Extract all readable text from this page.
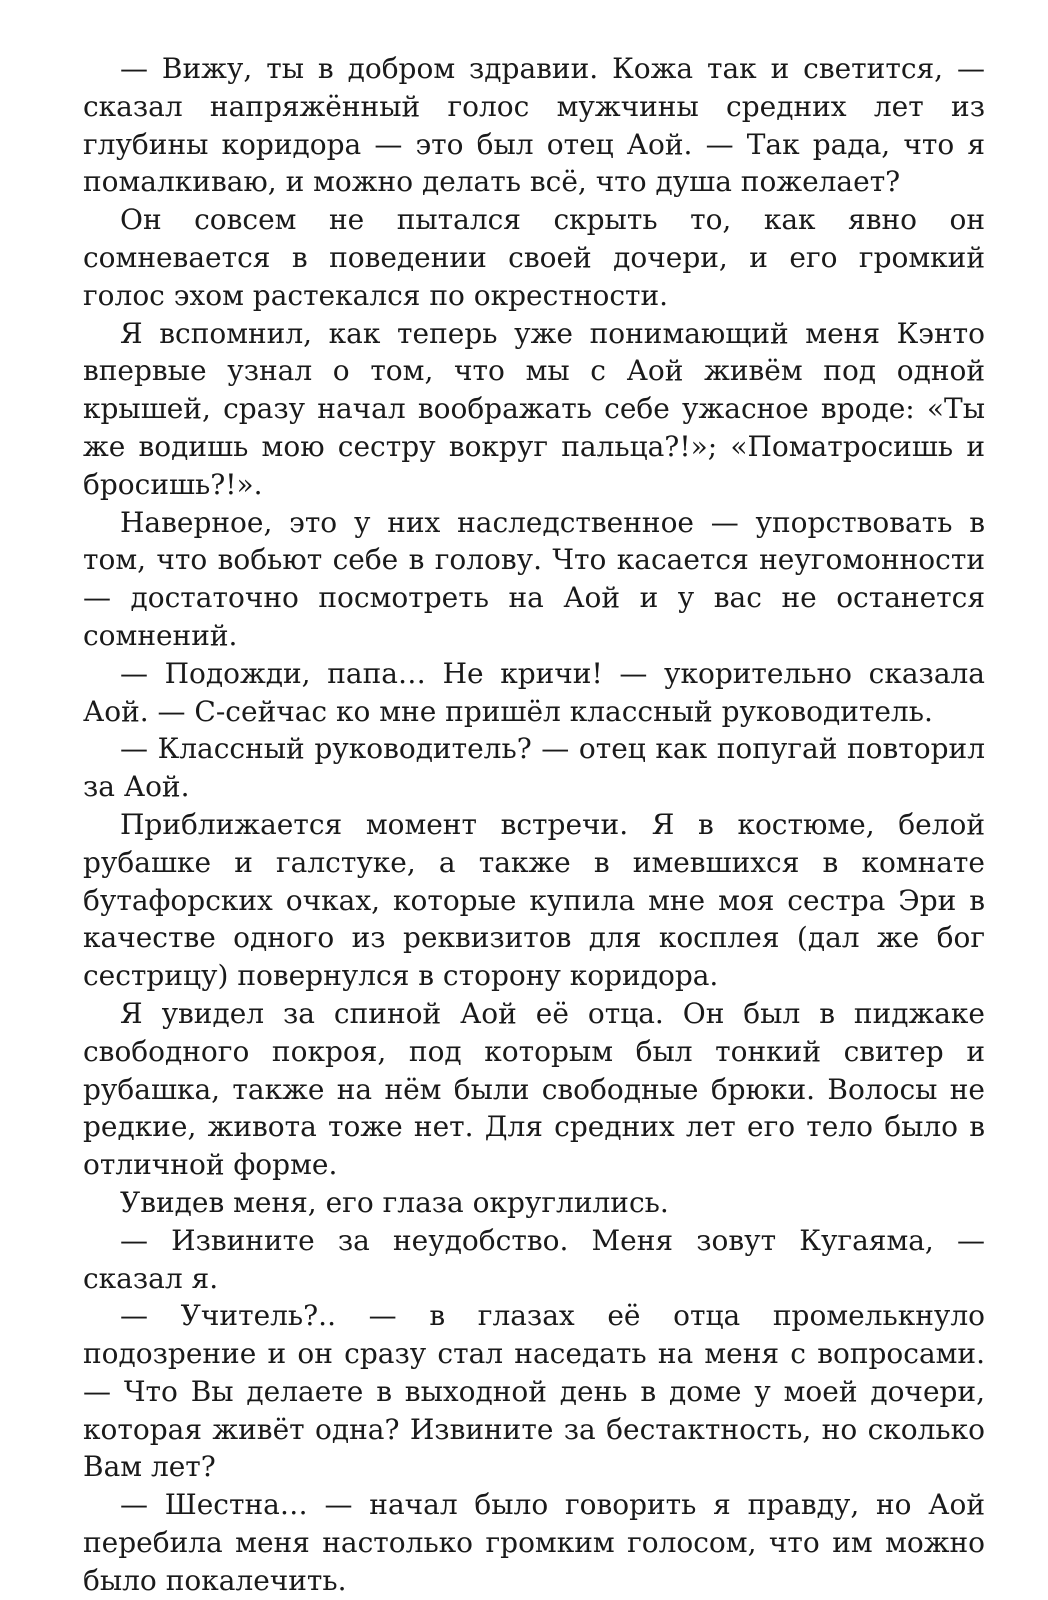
— Вижу, ты в добром здравии. Кожа так и светится, — сказал напряжённый голос мужчины средних лет из глубины коридора — это был отец Аой. — Так рада, что я помалкиваю, и можно делать всё, что душа пожелает?

Он совсем не пытался скрыть то, как явно он сомневается в поведении своей дочери, и его громкий голос эхом растекался по окрестности.

Я вспомнил, как теперь уже понимающий меня Кэнто впервые узнал о том, что мы с Аой живём под одной крышей, сразу начал воображать себе ужасное вроде: «Ты же водишь мою сестру вокруг пальца?!»; «Поматросишь и бросишь?!».

Наверное, это у них наследственное — упорствовать в том, что вобьют себе в голову. Что касается неугомонности — достаточно посмотреть на Аой и у вас не останется сомнений.

— Подожди, папа… Не кричи! — укорительно сказала Аой. — С-сейчас ко мне пришёл классный руководитель.

— Классный руководитель? — отец как попугай повторил за Аой.

Приближается момент встречи. Я в костюме, белой рубашке и галстуке, а также в имевшихся в комнате бутафорских очках, которые купила мне моя сестра Эри в качестве одного из реквизитов для косплея (дал же бог сестрицу) повернулся в сторону коридора.

Я увидел за спиной Аой её отца. Он был в пиджаке свободного покроя, под которым был тонкий свитер и рубашка, также на нём были свободные брюки. Волосы не редкие, живота тоже нет. Для средних лет его тело было в отличной форме.

Увидев меня, его глаза округлились.

— Извините за неудобство. Меня зовут Кугаяма, — сказал я.

— Учитель?.. — в глазах её отца промелькнуло подозрение и он сразу стал наседать на меня с вопросами. — Что Вы делаете в выходной день в доме у моей дочери, которая живёт одна? Извините за бестактность, но сколько Вам лет?

— Шестна… — начал было говорить я правду, но Аой перебила меня настолько громким голосом, что им можно было покалечить.
